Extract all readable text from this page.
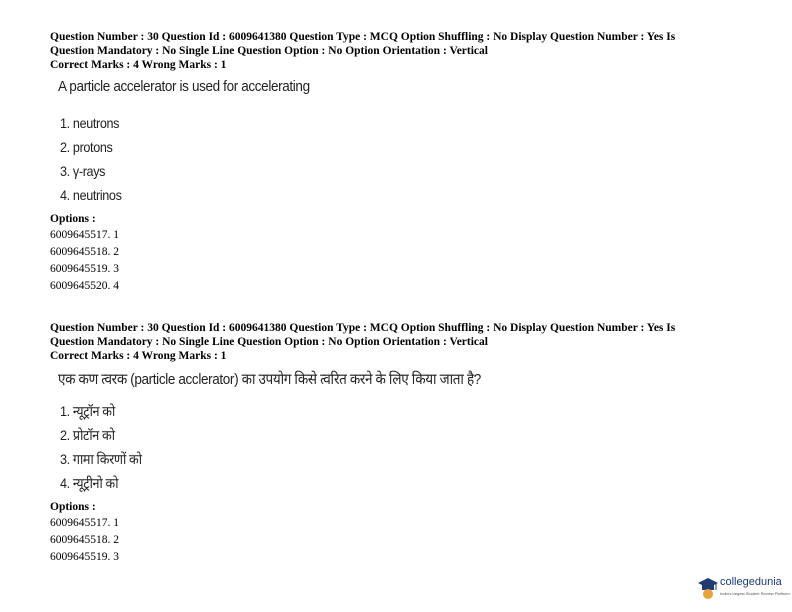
Question Number : 30 Question Id : 6009641380 Question Type : MCQ Option Shuffling : No Display Question Number : Yes Is
Question Mandatory : No Single Line Question Option : No Option Orientation : Vertical
Correct Marks : 4 Wrong Marks : 1
A particle accelerator is used for accelerating
1. neutrons
2. protons
3. γ-rays
4. neutrinos
Options :
6009645517. 1
6009645518. 2
6009645519. 3
6009645520. 4
Question Number : 30 Question Id : 6009641380 Question Type : MCQ Option Shuffling : No Display Question Number : Yes Is
Question Mandatory : No Single Line Question Option : No Option Orientation : Vertical
Correct Marks : 4 Wrong Marks : 1
एक कण त्वरक (particle acclerator) का उपयोग किसे त्वरित करने के लिए किया जाता है?
1. न्यूट्रॉन को
2. प्रोटॉन को
3. गामा किरणों को
4. न्यूट्रीनो को
Options :
6009645517. 1
6009645518. 2
6009645519. 3
collegedunia
India's largest Student Review Platform
